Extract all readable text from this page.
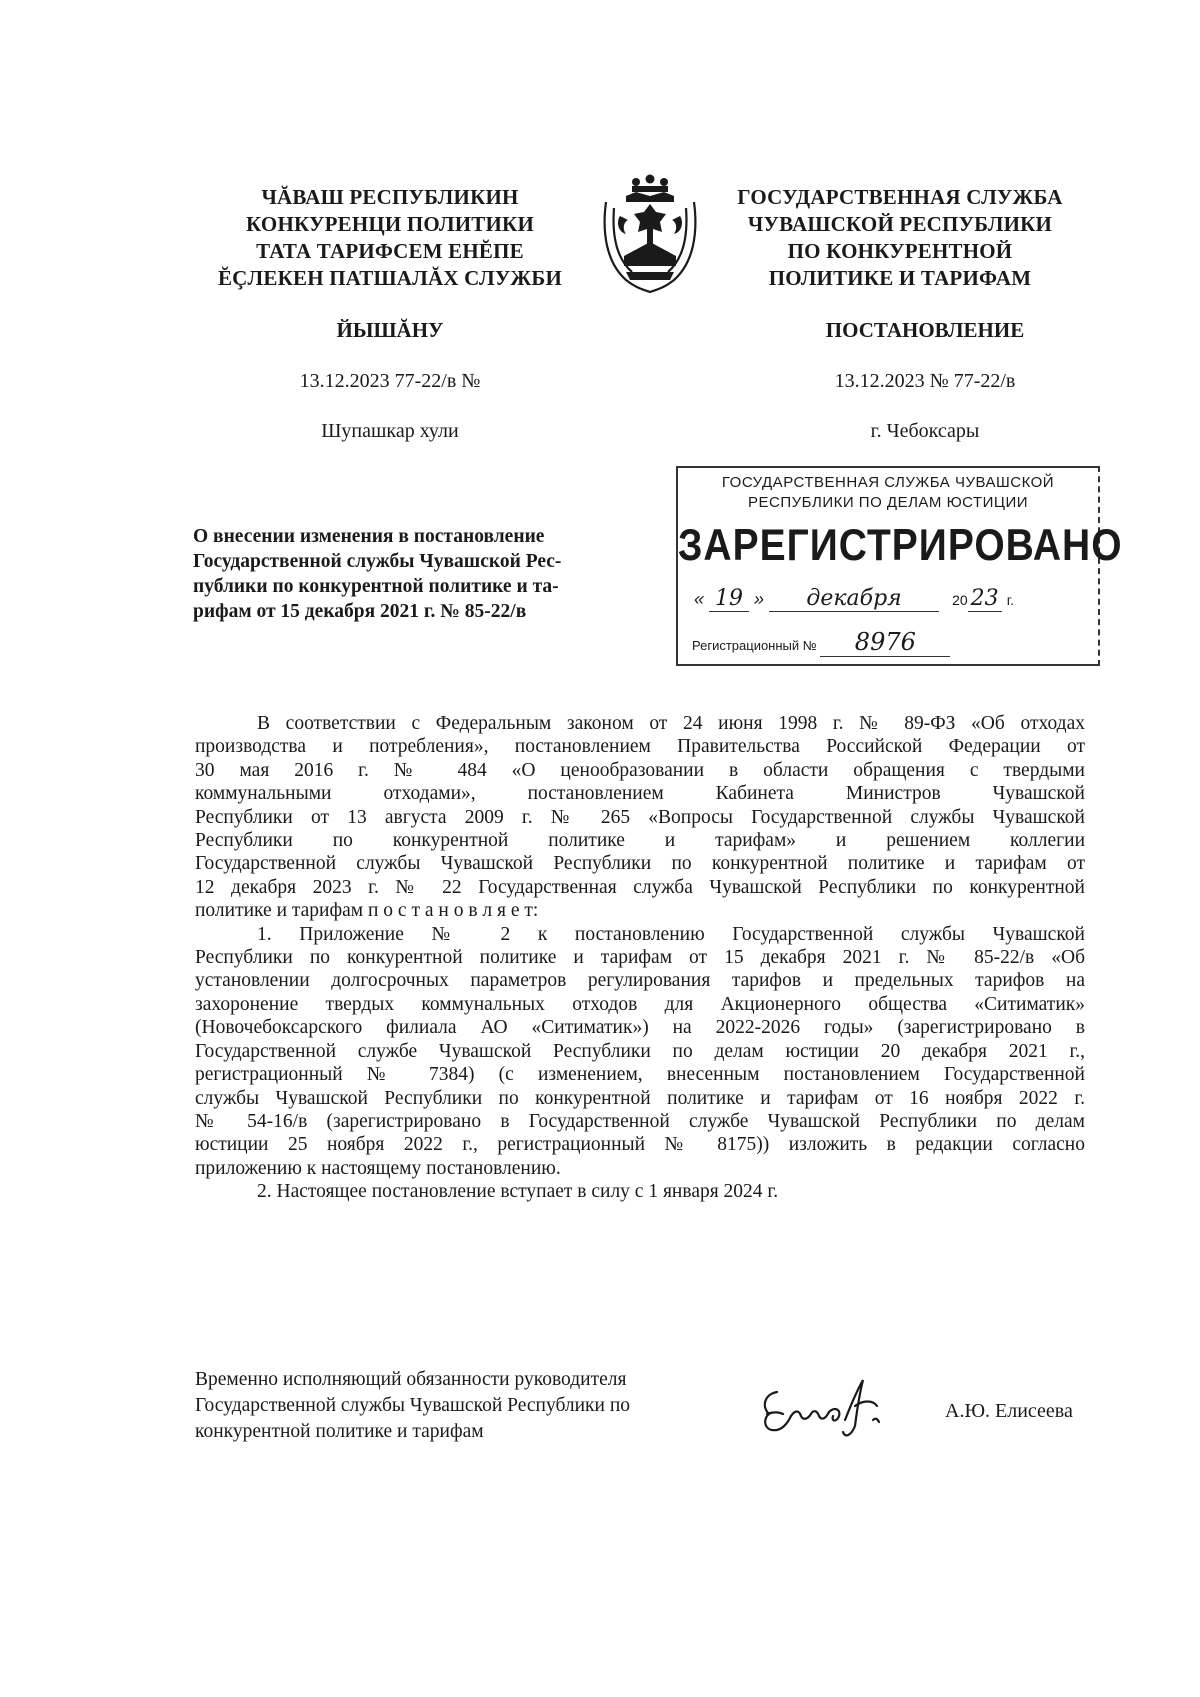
ЧĂВАШ РЕСПУБЛИКИН
КОНКУРЕНЦИ ПОЛИТИКИ
ТАТА ТАРИФСЕМ ЕНĔПЕ
ĔÇЛЕКЕН ПАТШАЛĂХ СЛУЖБИ
ЙЫШĂНУ
13.12.2023 77-22/в №
Шупашкар хули
ГОСУДАРСТВЕННАЯ СЛУЖБА
ЧУВАШСКОЙ РЕСПУБЛИКИ
ПО КОНКУРЕНТНОЙ
ПОЛИТИКЕ И ТАРИФАМ
ПОСТАНОВЛЕНИЕ
13.12.2023 № 77-22/в
г. Чебоксары
ГОСУДАРСТВЕННАЯ СЛУЖБА ЧУВАШСКОЙ
РЕСПУБЛИКИ ПО ДЕЛАМ ЮСТИЦИИ
ЗАРЕГИСТРИРОВАНО
« 19 » декабря	20 23 г.
Регистрационный № 8976
О внесении изменения в постановление
Государственной службы Чувашской Рес-
публики по конкурентной политике и та-
рифам от 15 декабря 2021 г. № 85-22/в
В соответствии с Федеральным законом от 24 июня 1998 г. № 89-ФЗ «Об отходах
производства и потребления», постановлением Правительства Российской Федерации от
30 мая 2016 г. № 484 «О ценообразовании в области обращения с твердыми
коммунальными отходами», постановлением Кабинета Министров Чувашской
Республики от 13 августа 2009 г. № 265 «Вопросы Государственной службы Чувашской
Республики по конкурентной политике и тарифам» и решением коллегии
Государственной службы Чувашской Республики по конкурентной политике и тарифам от
12 декабря 2023 г. № 22 Государственная служба Чувашской Республики по конкурентной
политике и тарифам п о с т а н о в л я е т:
1. Приложение № 2 к постановлению Государственной службы Чувашской
Республики по конкурентной политике и тарифам от 15 декабря 2021 г. № 85-22/в «Об
установлении долгосрочных параметров регулирования тарифов и предельных тарифов на
захоронение твердых коммунальных отходов для Акционерного общества «Ситиматик»
(Новочебоксарского филиала АО «Ситиматик») на 2022-2026 годы» (зарегистрировано в
Государственной службе Чувашской Республики по делам юстиции 20 декабря 2021 г.,
регистрационный № 7384) (с изменением, внесенным постановлением Государственной
службы Чувашской Республики по конкурентной политике и тарифам от 16 ноября 2022 г.
№ 54-16/в (зарегистрировано в Государственной службе Чувашской Республики по делам
юстиции 25 ноября 2022 г., регистрационный № 8175)) изложить в редакции согласно
приложению к настоящему постановлению.
2. Настоящее постановление вступает в силу с 1 января 2024 г.
Временно исполняющий обязанности руководителя
Государственной службы Чувашской Республики по
конкурентной политике и тарифам
А.Ю. Елисеева
